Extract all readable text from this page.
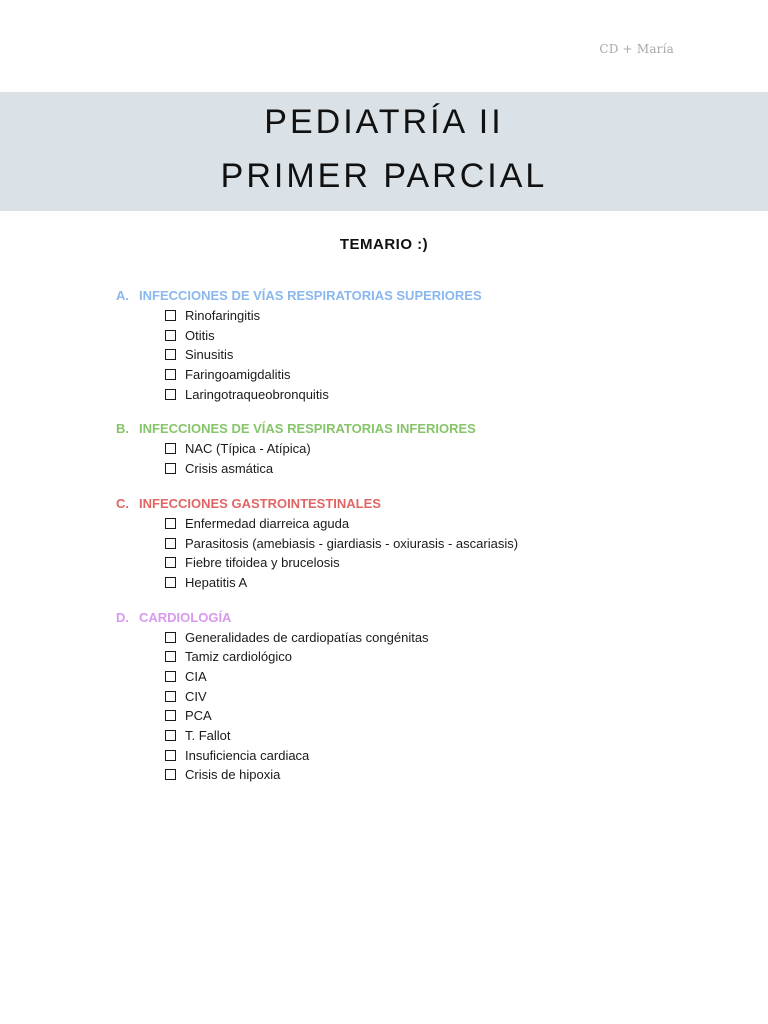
CD + María
PEDIATRÍA II
PRIMER PARCIAL
TEMARIO :)
A. INFECCIONES DE VÍAS RESPIRATORIAS SUPERIORES
Rinofaringitis
Otitis
Sinusitis
Faringoamigdalitis
Laringotraqueobronquitis
B. INFECCIONES DE VÍAS RESPIRATORIAS INFERIORES
NAC (Típica - Atípica)
Crisis asmática
C. INFECCIONES GASTROINTESTINALES
Enfermedad diarreica aguda
Parasitosis (amebiasis - giardiasis - oxiurasis - ascariasis)
Fiebre tifoidea y brucelosis
Hepatitis A
D. CARDIOLOGÍA
Generalidades de cardiopatías congénitas
Tamiz cardiológico
CIA
CIV
PCA
T. Fallot
Insuficiencia cardiaca
Crisis de hipoxia
